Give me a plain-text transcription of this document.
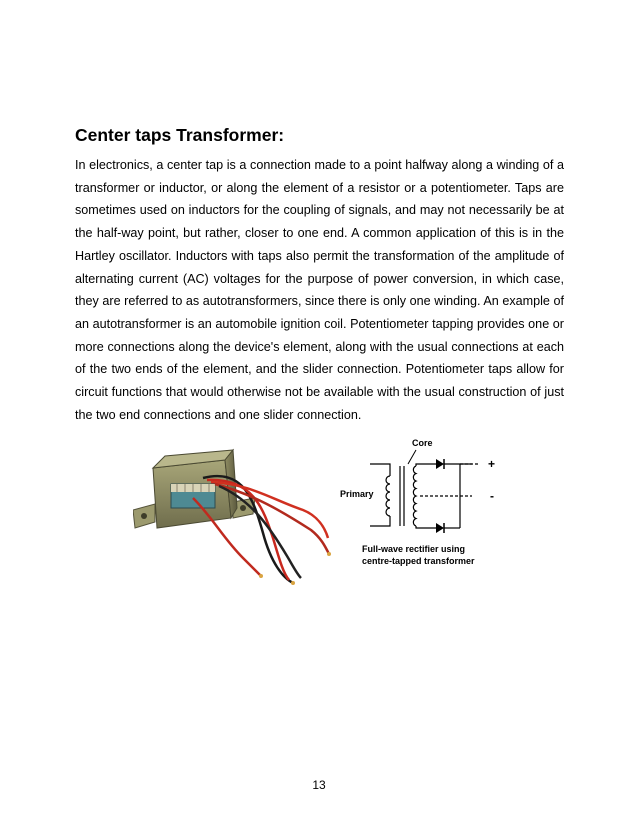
Center taps Transformer:

In electronics, a center tap is a connection made to a point halfway along a winding of a transformer or inductor, or along the element of a resistor or a potentiometer. Taps are sometimes used on inductors for the coupling of signals, and may not necessarily be at the half-way point, but rather, closer to one end. A common application of this is in the Hartley oscillator. Inductors with taps also permit the transformation of the amplitude of alternating current (AC) voltages for the purpose of power conversion, in which case, they are referred to as autotransformers, since there is only one winding. An example of an autotransformer is an automobile ignition coil. Potentiometer tapping provides one or more connections along the device's element, along with the usual connections at each of the two ends of the element, and the slider connection. Potentiometer taps allow for circuit functions that would otherwise not be available with the usual construction of just the two end connections and one slider connection.

Core
Primary
+
-
Full-wave rectifier using
centre-tapped transformer
13
